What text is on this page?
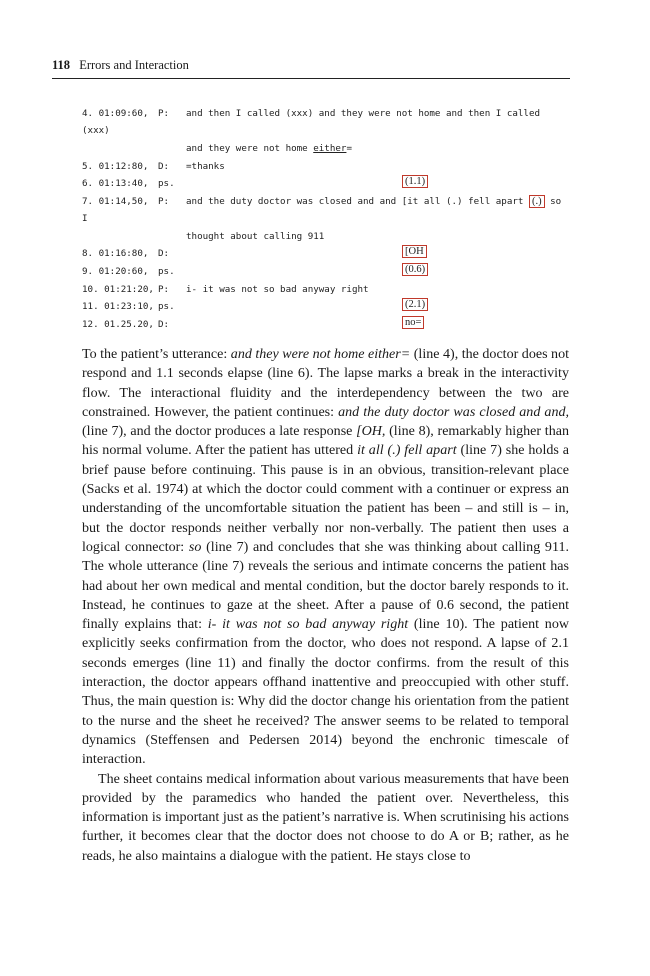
118 Errors and Interaction
4. 01:09:60, P: and then I called (xxx) and they were not home and then I called
(xxx)
and they were not home either=
5. 01:12:80, D: =thanks
6. 01:13:40, ps.	(1.1)
7. 01:14,50, P: and the duty doctor was closed and and [it all (.) fell apart (.) so
I
thought about calling 911
8. 01:16:80, D:	[OH
9. 01:20:60, ps.	(0.6)
10. 01:21:20, P: i- it was not so bad anyway right
11. 01:23:10, ps.	(2.1)
12. 01.25.20, D:	no=

To the patient’s utterance: and they were not home either= (line 4), the doctor does not respond and 1.1 seconds elapse (line 6). The lapse marks a break in the interactivity flow. The interactional fluidity and the interdependency between the two are constrained. However, the patient continues: and the duty doctor was closed and and, (line 7), and the doctor produces a late response [OH, (line 8), remarkably higher than his normal volume. After the patient has uttered it all (.) fell apart (line 7) she holds a brief pause before continuing. This pause is in an obvious, transition-relevant place (Sacks et al. 1974) at which the doctor could comment with a continuer or express an understanding of the uncomfortable situation the patient has been – and still is – in, but the doctor responds neither verbally nor non-verbally. The patient then uses a logical connector: so (line 7) and concludes that she was thinking about calling 911. The whole utterance (line 7) reveals the serious and intimate concerns the patient has had about her own medical and mental condition, but the doctor barely responds to it. Instead, he continues to gaze at the sheet. After a pause of 0.6 second, the patient finally explains that: i- it was not so bad anyway right (line 10). The patient now explicitly seeks confirmation from the doctor, who does not respond. A lapse of 2.1 seconds emerges (line 11) and finally the doctor confirms. from the result of this interaction, the doctor appears offhand inattentive and preoccupied with other stuff. Thus, the main question is: Why did the doctor change his orientation from the patient to the nurse and the sheet he received? The answer seems to be related to temporal dynamics (Steffensen and Pedersen 2014) beyond the enchronic timescale of interaction.

The sheet contains medical information about various measurements that have been provided by the paramedics who handed the patient over. Nevertheless, this information is important just as the patient’s narrative is. When scrutinising his actions further, it becomes clear that the doctor does not choose to do A or B; rather, as he reads, he also maintains a dialogue with the patient. He stays close to
